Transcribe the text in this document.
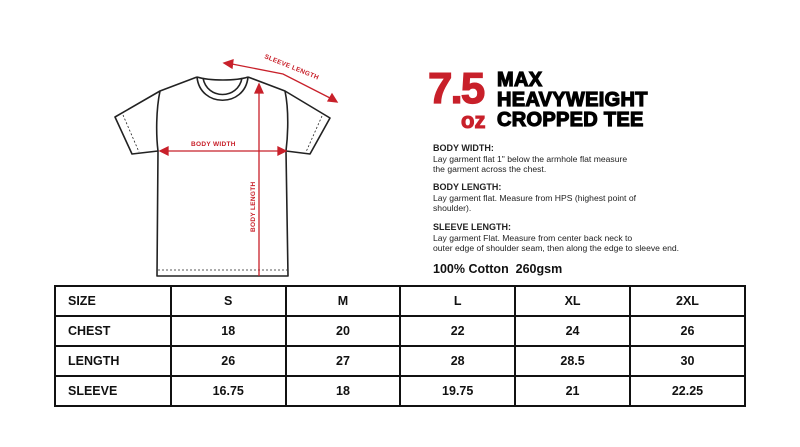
BODY WIDTH
BODY LENGTH
SLEEVE LENGTH 7.5
oz
MAX
HEAVYWEIGHT
CROPPED TEE
BODY WIDTH:
Lay garment flat 1" below the armhole flat measure
the garment across the chest.
BODY LENGTH:
Lay garment flat. Measure from HPS (highest point of
shoulder).
SLEEVE LENGTH:
Lay garment Flat. Measure from center back neck to
outer edge of shoulder seam, then along the edge to sleeve end.
100% Cotton  260gsm
SIZE	S	M	L	XL	2XL
CHEST	18	20	22	24	26
LENGTH	26	27	28	28.5	30
SLEEVE	16.75	18	19.75	21	22.25
